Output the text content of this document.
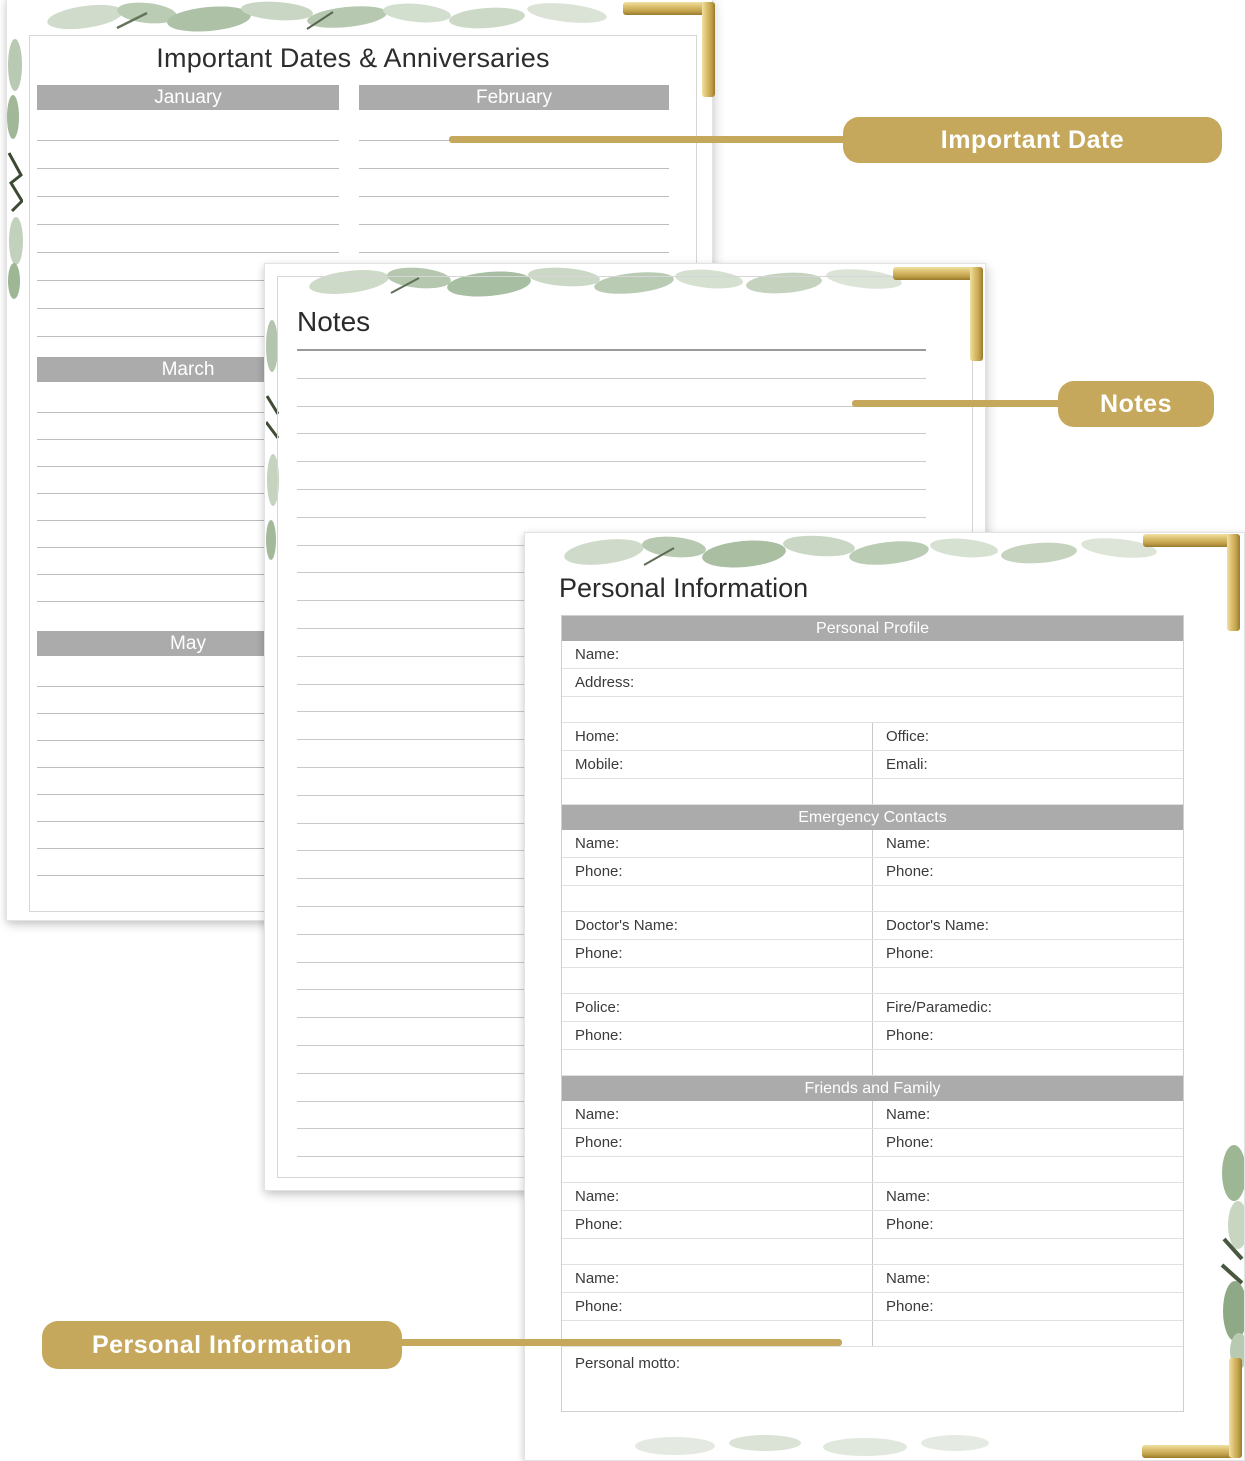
Important Dates & Anniversaries
January
March
May
February
Notes
Personal Information
Personal Profile
Name:
Address:
Home:	Office:
Mobile:	Emali:
Emergency Contacts
Name:	Name:
Phone:	Phone:
Doctor's Name:	Doctor's Name:
Phone:	Phone:
Police:	Fire/Paramedic:
Phone:	Phone:
Friends and Family
Name:	Name:
Phone:	Phone:
Name:	Name:
Phone:	Phone:
Name:	Name:
Phone:	Phone:
Personal motto:
Important Date
Notes
Personal Information
